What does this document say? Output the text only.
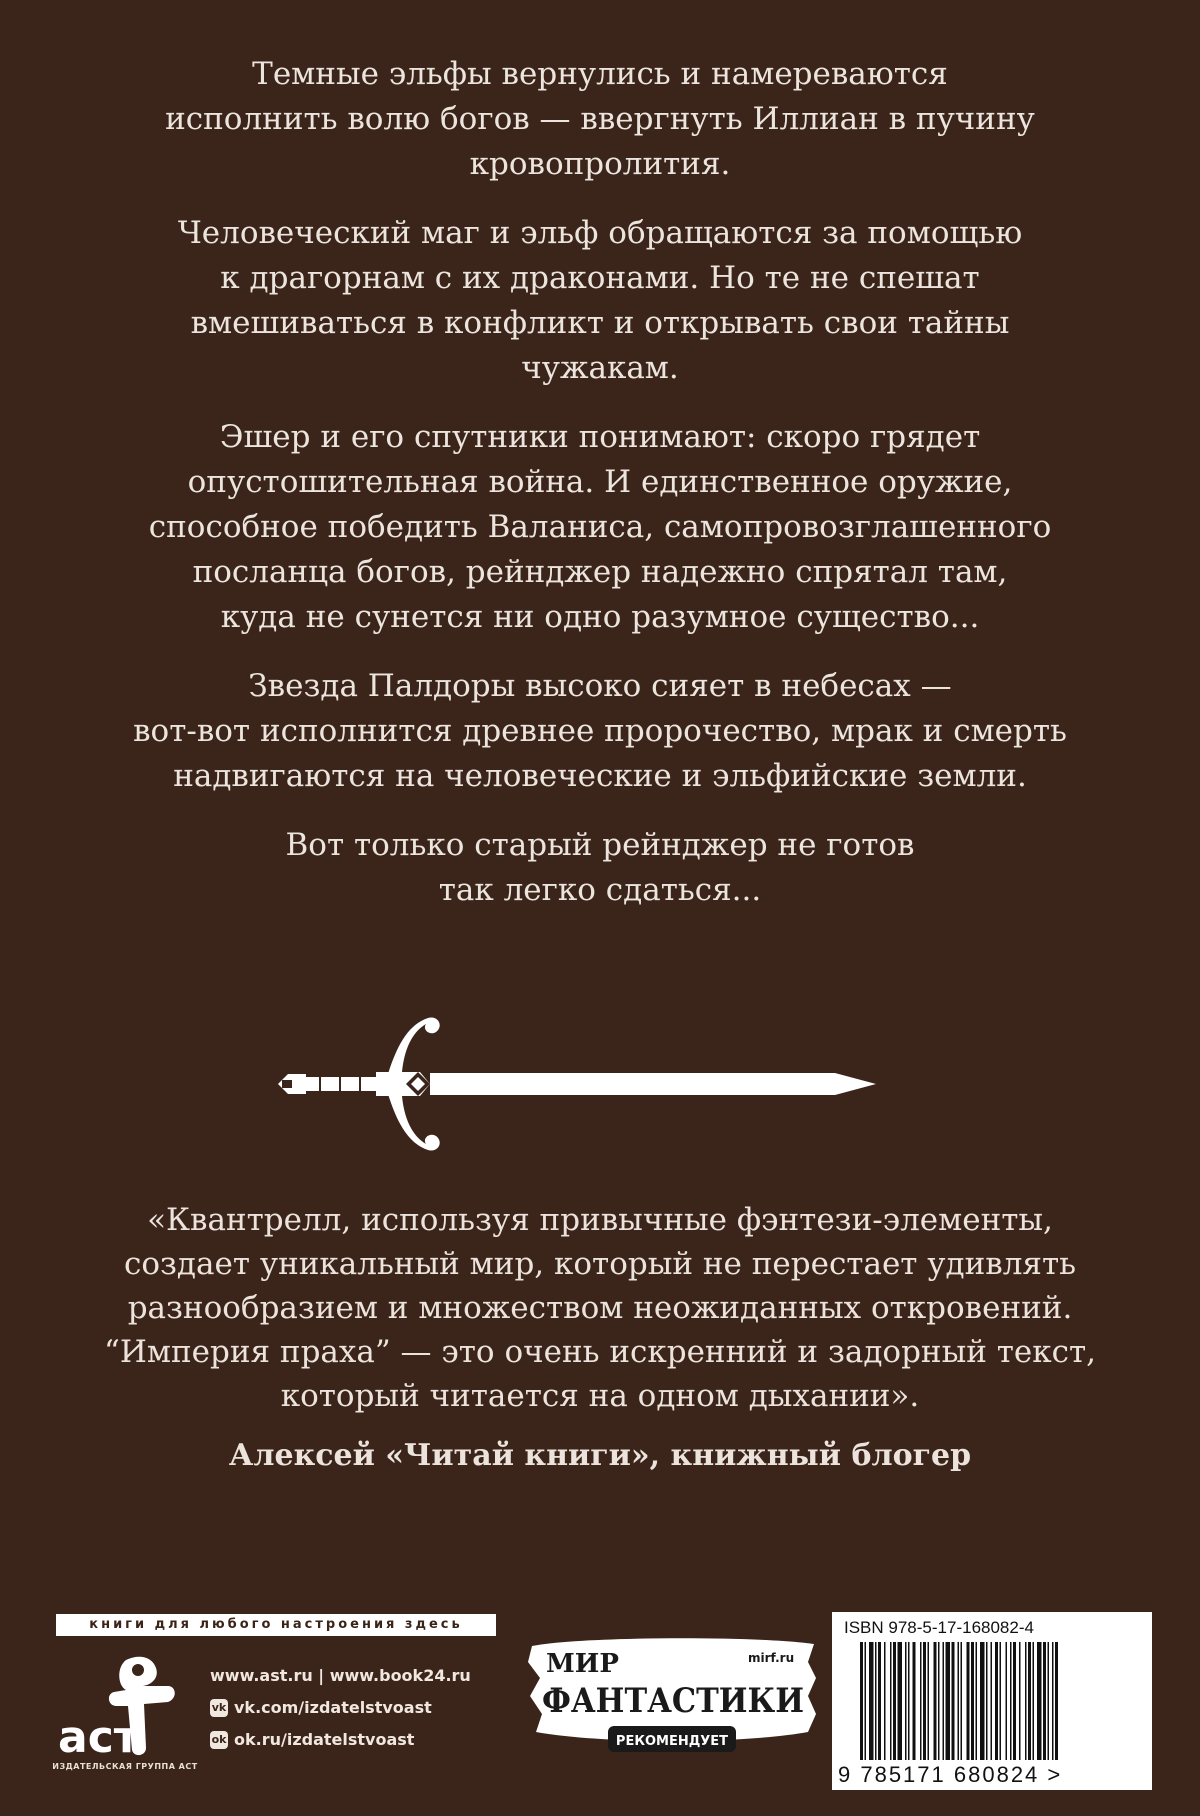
Темные эльфы вернулись и намереваются
исполнить волю богов — ввергнуть Иллиан в пучину
кровопролития.
Человеческий маг и эльф обращаются за помощью
к драгорнам с их драконами. Но те не спешат
вмешиваться в конфликт и открывать свои тайны
чужакам.
Эшер и его спутники понимают: скоро грядет
опустошительная война. И единственное оружие,
способное победить Валаниса, самопровозглашенного
посланца богов, рейнджер надежно спрятал там,
куда не сунется ни одно разумное существо...
Звезда Палдоры высоко сияет в небесах —
вот-вот исполнится древнее пророчество, мрак и смерть
надвигаются на человеческие и эльфийские земли.
Вот только старый рейнджер не готов
так легко сдаться...
«Квантрелл, используя привычные фэнтези-элементы,
создает уникальный мир, который не перестает удивлять
разнообразием и множеством неожиданных откровений.
“Империя праха” — это очень искренний и задорный текст,
который читается на одном дыхании».
Алексей «Читай книги», книжный блогер
книги для любого настроения здесь
аст
ИЗДАТЕЛЬСКАЯ ГРУППА АСТ
www.ast.ru | www.book24.ru
vk vk.com/izdatelstvoast
ok ok.ru/izdatelstvoast
МИР	mirf.ru
ФАНТАСТИКИ
РЕКОМЕНДУЕТ
ISBN 978-5-17-168082-4
9 785171 680824 >
